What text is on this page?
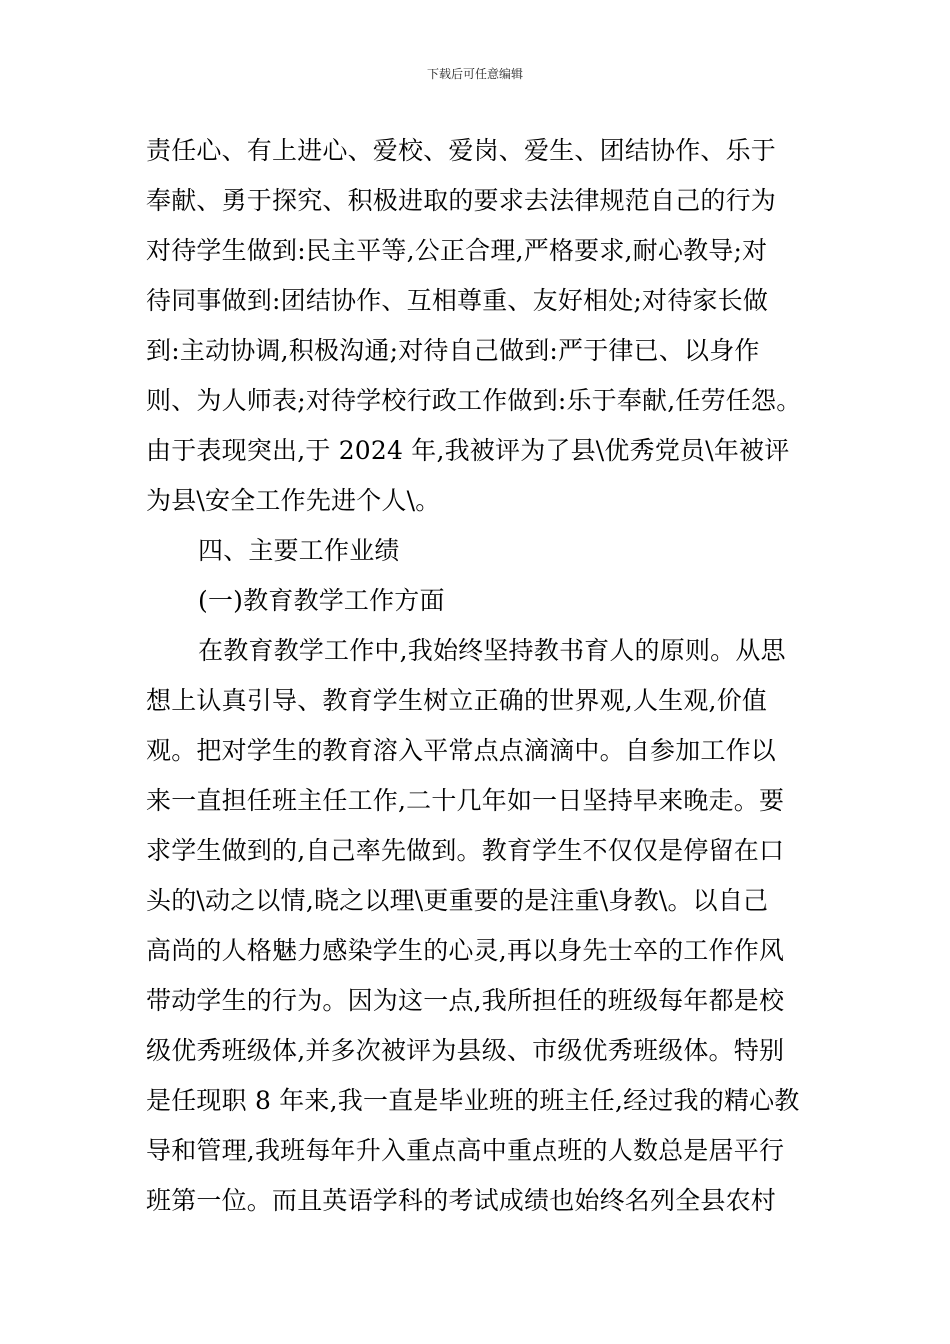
下载后可任意编辑
责任心、有上进心、爱校、爱岗、爱生、团结协作、乐于
奉献、勇于探究、积极进取的要求去法律规范自己的行为
对待学生做到:民主平等,公正合理,严格要求,耐心教导;对
待同事做到:团结协作、互相尊重、友好相处;对待家长做
到:主动协调,积极沟通;对待自己做到:严于律已、以身作
则、为人师表;对待学校行政工作做到:乐于奉献,任劳任怨。
由于表现突出,于 2024 年,我被评为了县\优秀党员\年被评
为县\安全工作先进个人\。
四、主要工作业绩
(一)教育教学工作方面
在教育教学工作中,我始终坚持教书育人的原则。从思
想上认真引导、教育学生树立正确的世界观,人生观,价值
观。把对学生的教育溶入平常点点滴滴中。自参加工作以
来一直担任班主任工作,二十几年如一日坚持早来晚走。要
求学生做到的,自己率先做到。教育学生不仅仅是停留在口
头的\动之以情,晓之以理\更重要的是注重\身教\。以自己
高尚的人格魅力感染学生的心灵,再以身先士卒的工作作风
带动学生的行为。因为这一点,我所担任的班级每年都是校
级优秀班级体,并多次被评为县级、市级优秀班级体。特别
是任现职 8 年来,我一直是毕业班的班主任,经过我的精心教
导和管理,我班每年升入重点高中重点班的人数总是居平行
班第一位。而且英语学科的考试成绩也始终名列全县农村
